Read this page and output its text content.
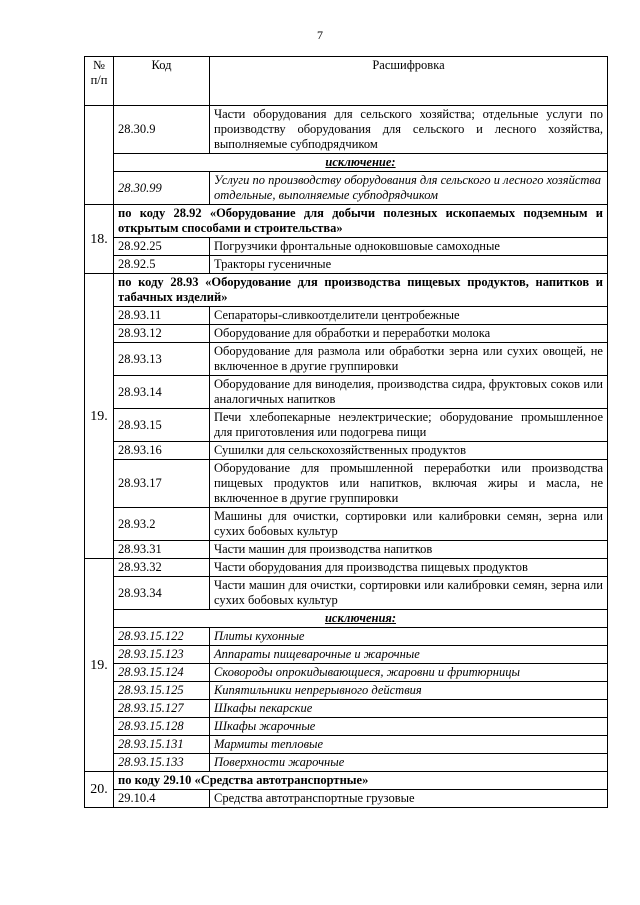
7
№ п/п	Код	Расшифровка
	28.30.9	Части оборудования для сельского хозяйства; отдельные услуги по производству оборудования для сельского и лесного хозяйства, выполняемые субподрядчиком
	исключение:	
	28.30.99	Услуги по производству оборудования для сельского и лесного хозяйства отдельные, выполняемые субподрядчиком
18.	по коду 28.92 «Оборудование для добычи полезных ископаемых подземным и открытым способами и строительства»	
	28.92.25	Погрузчики фронтальные одноковшовые самоходные
	28.92.5	Тракторы гусеничные
19.	по коду 28.93 «Оборудование для производства пищевых продуктов, напитков и табачных изделий»	
	28.93.11	Сепараторы-сливкоотделители центробежные
	28.93.12	Оборудование для обработки и переработки молока
	28.93.13	Оборудование для размола или обработки зерна или сухих овощей, не включенное в другие группировки
	28.93.14	Оборудование для виноделия, производства сидра, фруктовых соков или аналогичных напитков
	28.93.15	Печи хлебопекарные неэлектрические; оборудование промышленное для приготовления или подогрева пищи
	28.93.16	Сушилки для сельскохозяйственных продуктов
	28.93.17	Оборудование для промышленной переработки или производства пищевых продуктов или напитков, включая жиры и масла, не включенное в другие группировки
	28.93.2	Машины для очистки, сортировки или калибровки семян, зерна или сухих бобовых культур
	28.93.31	Части машин для производства напитков
19.	28.93.32	Части оборудования для производства пищевых продуктов
	28.93.34	Части машин для очистки, сортировки или калибровки семян, зерна или сухих бобовых культур
	исключения:	
	28.93.15.122	Плиты кухонные
	28.93.15.123	Аппараты пищеварочные и жарочные
	28.93.15.124	Сковороды опрокидывающиеся, жаровни и фритюрницы
	28.93.15.125	Кипятильники непрерывного действия
	28.93.15.127	Шкафы пекарские
	28.93.15.128	Шкафы жарочные
	28.93.15.131	Мармиты тепловые
	28.93.15.133	Поверхности жарочные
20.	по коду 29.10 «Средства автотранспортные»	
	29.10.4	Средства автотранспортные грузовые
